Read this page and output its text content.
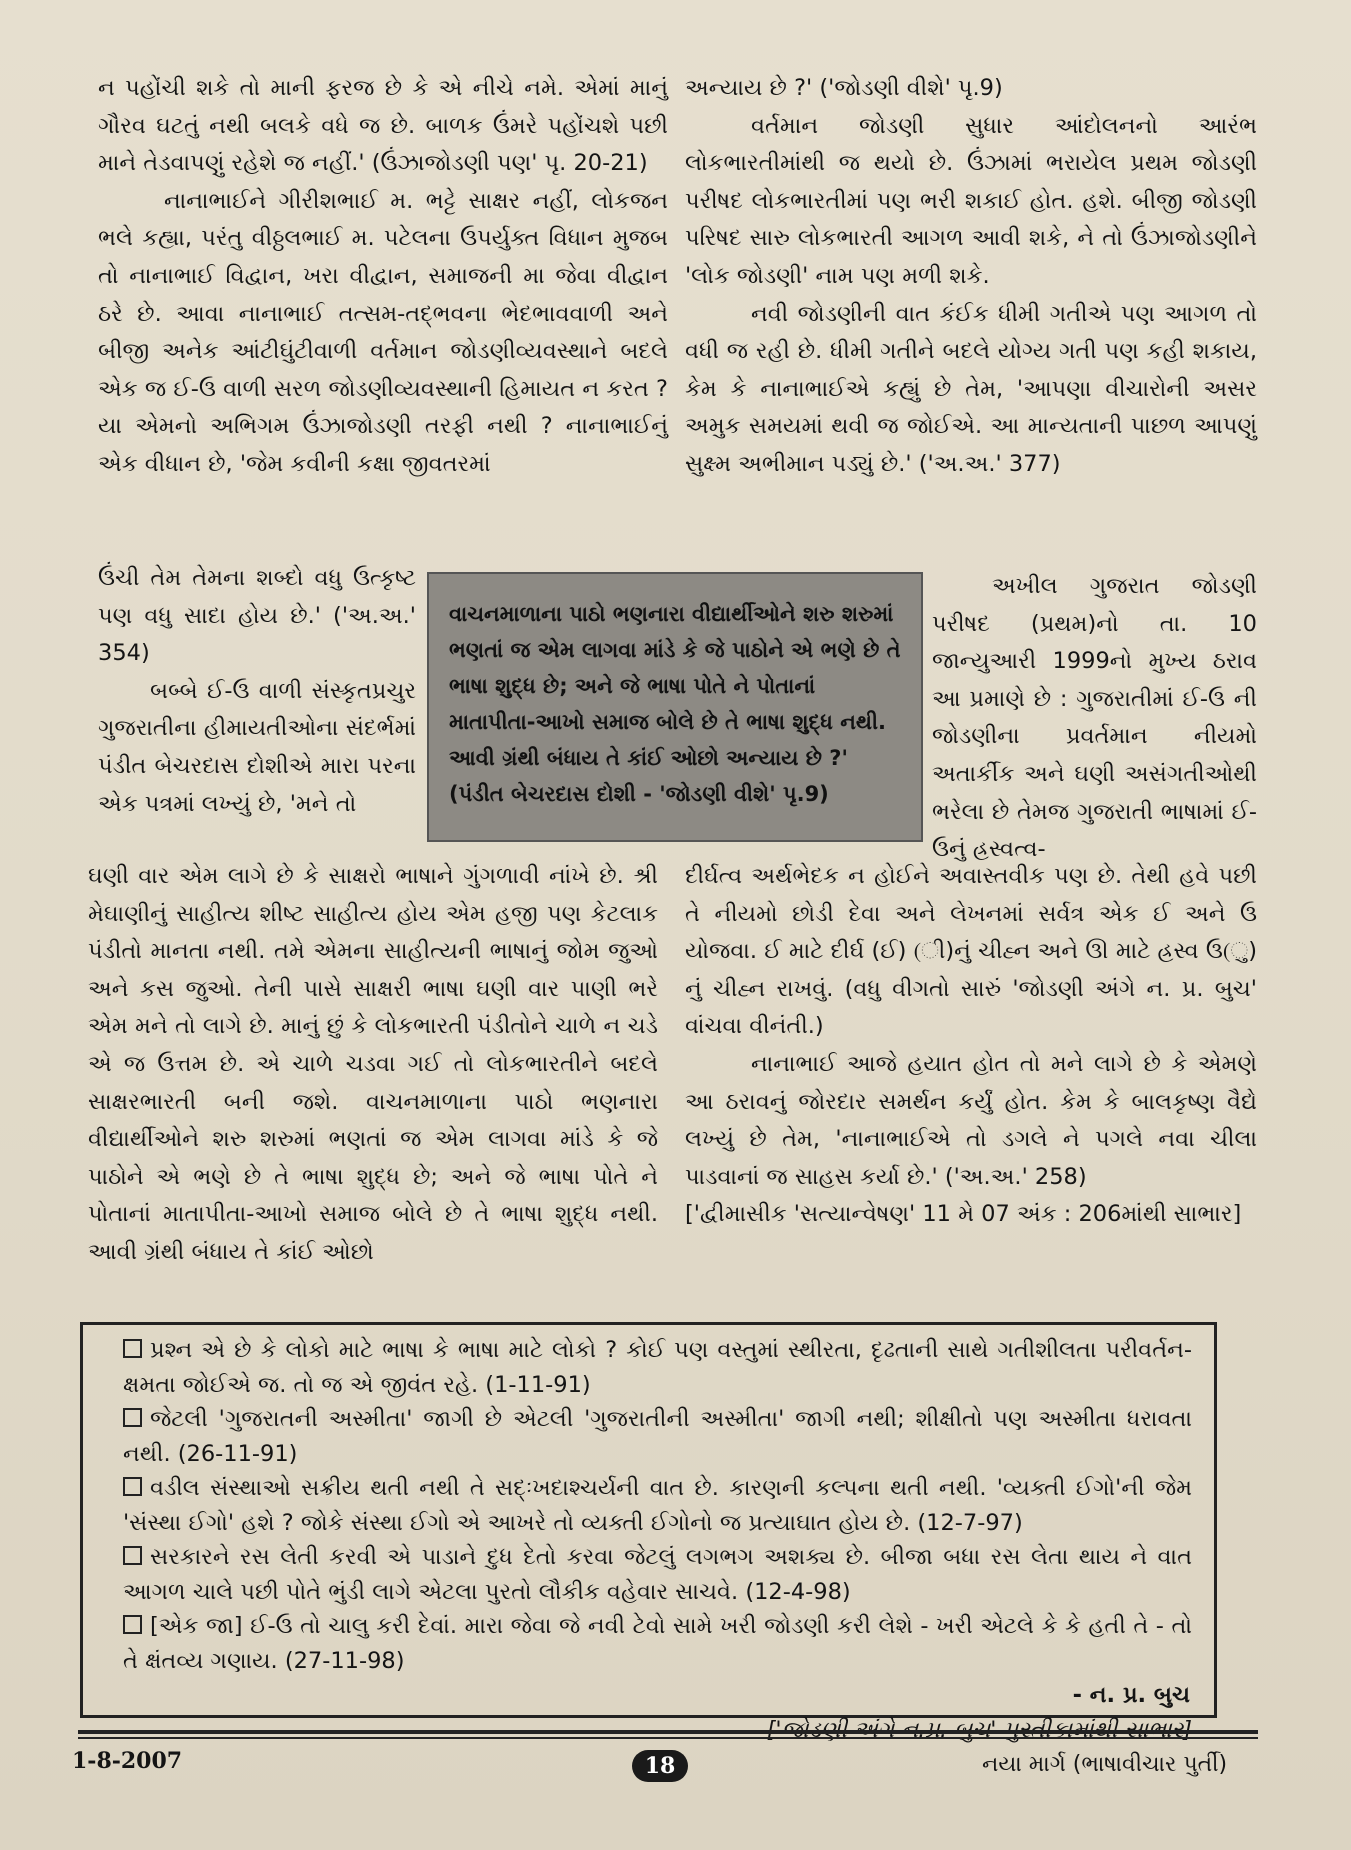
ન પહોંચી શકે તો માની ફરજ છે કે એ નીચે નમે. એમાં માનું ગૌરવ ઘટતું નથી બલકે વધે જ છે. બાળક ઉંમરે પહોંચશે પછી માને તેડવાપણું રહેશે જ નહીં.' (ઉંઝાજોડણી પણ' પૃ. 20-21)

નાનાભાઈને ગીરીશભાઈ મ. ભટ્ટે સાક્ષર નહીં, લોકજન ભલે કહ્યા, પરંતુ વીઠ્ઠલભાઈ મ. પટેલના ઉપર્યુક્ત વિધાન મુજબ તો નાનાભાઈ વિદ્વાન, ખરા વીદ્વાન, સમાજની મા જેવા વીદ્વાન ઠરે છે. આવા નાનાભાઈ તત્સમ-તદ્ભવના ભેદભાવવાળી અને બીજી અનેક આંટીઘુંટીવાળી વર્તમાન જોડણીવ્યવસ્થાને બદલે એક જ ઈ-ઉ વાળી સરળ જોડણીવ્યવસ્થાની હિમાયત ન કરત ? યા એમનો અભિગમ ઉંઝાજોડણી તરફી નથી ? નાનાભાઈનું એક વીધાન છે, 'જેમ કવીની કક્ષા જીવતરમાં

ઉંચી તેમ તેમના શબ્દો વધુ ઉત્કૃષ્ટ પણ વધુ સાદા હોય છે.' ('અ.અ.' 354)

બબ્બે ઈ-ઉ વાળી સંસ્કૃતપ્રચુર ગુજરાતીના હીમાયતીઓના સંદર્ભમાં પંડીત બેચરદાસ દોશીએ મારા પરના એક પત્રમાં લખ્યું છે, 'મને તો

વાચનમાળાના પાઠો ભણનારા વીદ્યાર્થીઓને શરુ શરુમાં ભણતાં જ એમ લાગવા માંડે કે જે પાઠોને એ ભણે છે તે ભાષા શુદ્ધ છે; અને જે ભાષા પોતે ને પોતાનાં માતાપીતા-આખો સમાજ બોલે છે તે ભાષા શુદ્ધ નથી. આવી ગ્રંથી બંધાય તે કાંઈ ઓછો અન્યાય છે ?' (પંડીત બેચરદાસ દોશી - 'જોડણી વીશે' પૃ.9)

ઘણી વાર એમ લાગે છે કે સાક્ષરો ભાષાને ગુંગળાવી નાંખે છે. શ્રી મેઘાણીનું સાહીત્ય શીષ્ટ સાહીત્ય હોય એમ હજી પણ કેટલાક પંડીતો માનતા નથી. તમે એમના સાહીત્યની ભાષાનું જોમ જુઓ અને કસ જુઓ. તેની પાસે સાક્ષરી ભાષા ઘણી વાર પાણી ભરે એમ મને તો લાગે છે. માનું છું કે લોકભારતી પંડીતોને ચાળે ન ચડે એ જ ઉત્તમ છે. એ ચાળે ચડવા ગઈ તો લોકભારતીને બદલે સાક્ષરભારતી બની જશે. વાચનમાળાના પાઠો ભણનારા વીદ્યાર્થીઓને શરુ શરુમાં ભણતાં જ એમ લાગવા માંડે કે જે પાઠોને એ ભણે છે તે ભાષા શુદ્ધ છે; અને જે ભાષા પોતે ને પોતાનાં માતાપીતા-આખો સમાજ બોલે છે તે ભાષા શુદ્ધ નથી. આવી ગ્રંથી બંધાય તે કાંઈ ઓછો

અન્યાય છે ?' ('જોડણી વીશે' પૃ.9)

વર્તમાન જોડણી સુધાર આંદોલનનો આરંભ લોકભારતીમાંથી જ થયો છે. ઉંઝામાં ભરાયેલ પ્રથમ જોડણી પરીષદ લોકભારતીમાં પણ ભરી શકાઈ હોત. હશે. બીજી જોડણી પરિષદ સારુ લોકભારતી આગળ આવી શકે, ને તો ઉંઝાજોડણીને 'લોક જોડણી' નામ પણ મળી શકે.

નવી જોડણીની વાત કંઈક ધીમી ગતીએ પણ આગળ તો વધી જ રહી છે. ધીમી ગતીને બદલે યોગ્ય ગતી પણ કહી શકાય, કેમ કે નાનાભાઈએ કહ્યું છે તેમ, 'આપણા વીચારોની અસર અમુક સમયમાં થવી જ જોઈએ. આ માન્યતાની પાછળ આપણું સુક્ષ્મ અભીમાન પડ્યું છે.' ('અ.અ.' 377)

અખીલ ગુજરાત જોડણી પરીષદ (પ્રથમ)નો તા. 10 જાન્યુઆરી 1999નો મુખ્ય ઠરાવ આ પ્રમાણે છે : ગુજરાતીમાં ઈ-ઉ ની જોડણીના પ્રવર્તમાન નીયમો અતાર્કીક અને ઘણી અસંગતીઓથી ભરેલા છે તેમજ ગુજરાતી ભાષામાં ઈ-ઉનું હ્રસ્વત્વ-

દીર્ઘત્વ અર્થભેદક ન હોઈને અવાસ્તવીક પણ છે. તેથી હવે પછી તે નીયમો છોડી દેવા અને લેખનમાં સર્વત્ર એક ઈ અને ઉ યોજવા. ઈ માટે દીર્ઘ (ઈ) (ી)નું ચીહ્ન અને ઊ માટે હ્રસ્વ ઉ(ુ) નું ચીહ્ન રાખવું. (વધુ વીગતો સારું 'જોડણી અંગે ન. પ્ર. બુચ' વાંચવા વીનંતી.)

નાનાભાઈ આજે હયાત હોત તો મને લાગે છે કે એમણે આ ઠરાવનું જોરદાર સમર્થન કર્યું હોત. કેમ કે બાલકૃષ્ણ વૈદ્યે લખ્યું છે તેમ, 'નાનાભાઈએ તો ડગલે ને પગલે નવા ચીલા પાડવાનાં જ સાહસ કર્યા છે.' ('અ.અ.' 258)

['દ્વીમાસીક 'સત્યાન્વેષણ' 11 મે 07 અંક : 206માંથી સાભાર]

પ્રશ્ન એ છે કે લોકો માટે ભાષા કે ભાષા માટે લોકો ? કોઈ પણ વસ્તુમાં સ્થીરતા, દૃઢતાની સાથે ગતીશીલતા પરીવર્તન-ક્ષમતા જોઈએ જ. તો જ એ જીવંત રહે. (1-11-91)

જેટલી 'ગુજરાતની અસ્મીતા' જાગી છે એટલી 'ગુજરાતીની અસ્મીતા' જાગી નથી; શીક્ષીતો પણ અસ્મીતા ધરાવતા નથી. (26-11-91)

વડીલ સંસ્થાઓ સક્રીય થતી નથી તે સદ્ઃખદાશ્ચર્યની વાત છે. કારણની કલ્પના થતી નથી. 'વ્યક્તી ઈગો'ની જેમ 'સંસ્થા ઈગો' હશે ? જોકે સંસ્થા ઈગો એ આખરે તો વ્યક્તી ઈગોનો જ પ્રત્યાઘાત હોય છે. (12-7-97)

સરકારને રસ લેતી કરવી એ પાડાને દુધ દેતો કરવા જેટલું લગભગ અશક્ય છે. બીજા બધા રસ લેતા થાય ને વાત આગળ ચાલે પછી પોતે ભુંડી લાગે એટલા પુરતો લૌકીક વહેવાર સાચવે. (12-4-98)

[એક જા] ઈ-ઉ તો ચાલુ કરી દેવાં. મારા જેવા જે નવી ટેવો સામે ખરી જોડણી કરી લેશે - ખરી એટલે કે કે હતી તે - તો તે ક્ષંતવ્ય ગણાય. (27-11-98)

- ન. પ્ર. બુચ

1-8-2007	18	નયા માર્ગ (ભાષાવીચાર પુર્તી)
